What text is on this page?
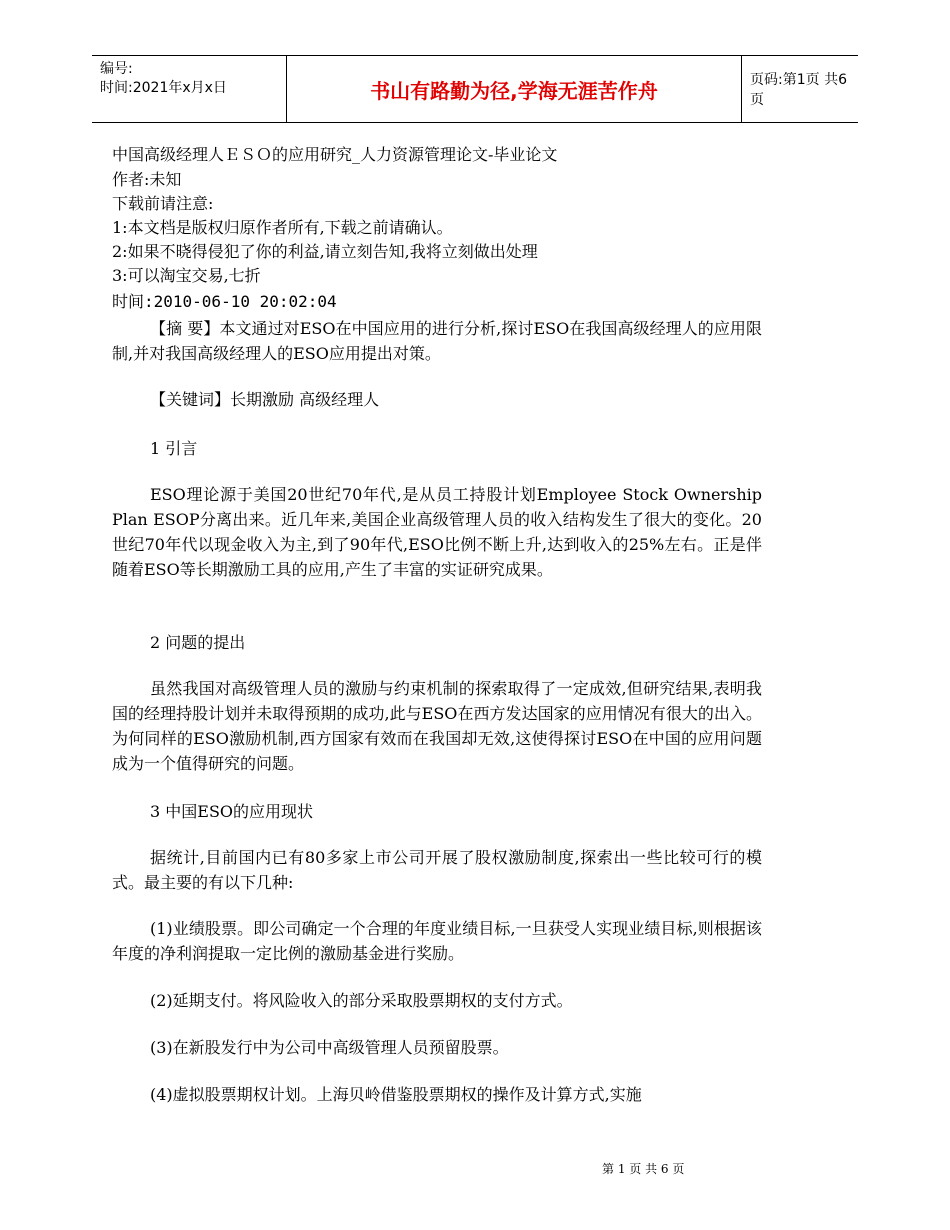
编号:
时间:2021年x月x日	书山有路勤为径,学海无涯苦作舟	页码:第1页 共6页
中国高级经理人ＥＳＯ的应用研究_人力资源管理论文-毕业论文
作者:未知
下载前请注意:
1:本文档是版权归原作者所有,下载之前请确认。
2:如果不晓得侵犯了你的利益,请立刻告知,我将立刻做出处理
3:可以淘宝交易,七折
时间:2010-06-10 20:02:04
【摘 要】本文通过对ESO在中国应用的进行分析,探讨ESO在我国高级经理人的应用限制,并对我国高级经理人的ESO应用提出对策。
【关键词】长期激励 高级经理人
1 引言
ESO理论源于美国20世纪70年代,是从员工持股计划Employee Stock Ownership Plan ESOP分离出来。近几年来,美国企业高级管理人员的收入结构发生了很大的变化。20世纪70年代以现金收入为主,到了90年代,ESO比例不断上升,达到收入的25%左右。正是伴随着ESO等长期激励工具的应用,产生了丰富的实证研究成果。
2 问题的提出
虽然我国对高级管理人员的激励与约束机制的探索取得了一定成效,但研究结果,表明我国的经理持股计划并未取得预期的成功,此与ESO在西方发达国家的应用情况有很大的出入。为何同样的ESO激励机制,西方国家有效而在我国却无效,这使得探讨ESO在中国的应用问题成为一个值得研究的问题。
3 中国ESO的应用现状
据统计,目前国内已有80多家上市公司开展了股权激励制度,探索出一些比较可行的模式。最主要的有以下几种:
(1)业绩股票。即公司确定一个合理的年度业绩目标,一旦获受人实现业绩目标,则根据该年度的净利润提取一定比例的激励基金进行奖励。
(2)延期支付。将风险收入的部分采取股票期权的支付方式。
(3)在新股发行中为公司中高级管理人员预留股票。
(4)虚拟股票期权计划。上海贝岭借鉴股票期权的操作及计算方式,实施
第 1 页 共 6 页
